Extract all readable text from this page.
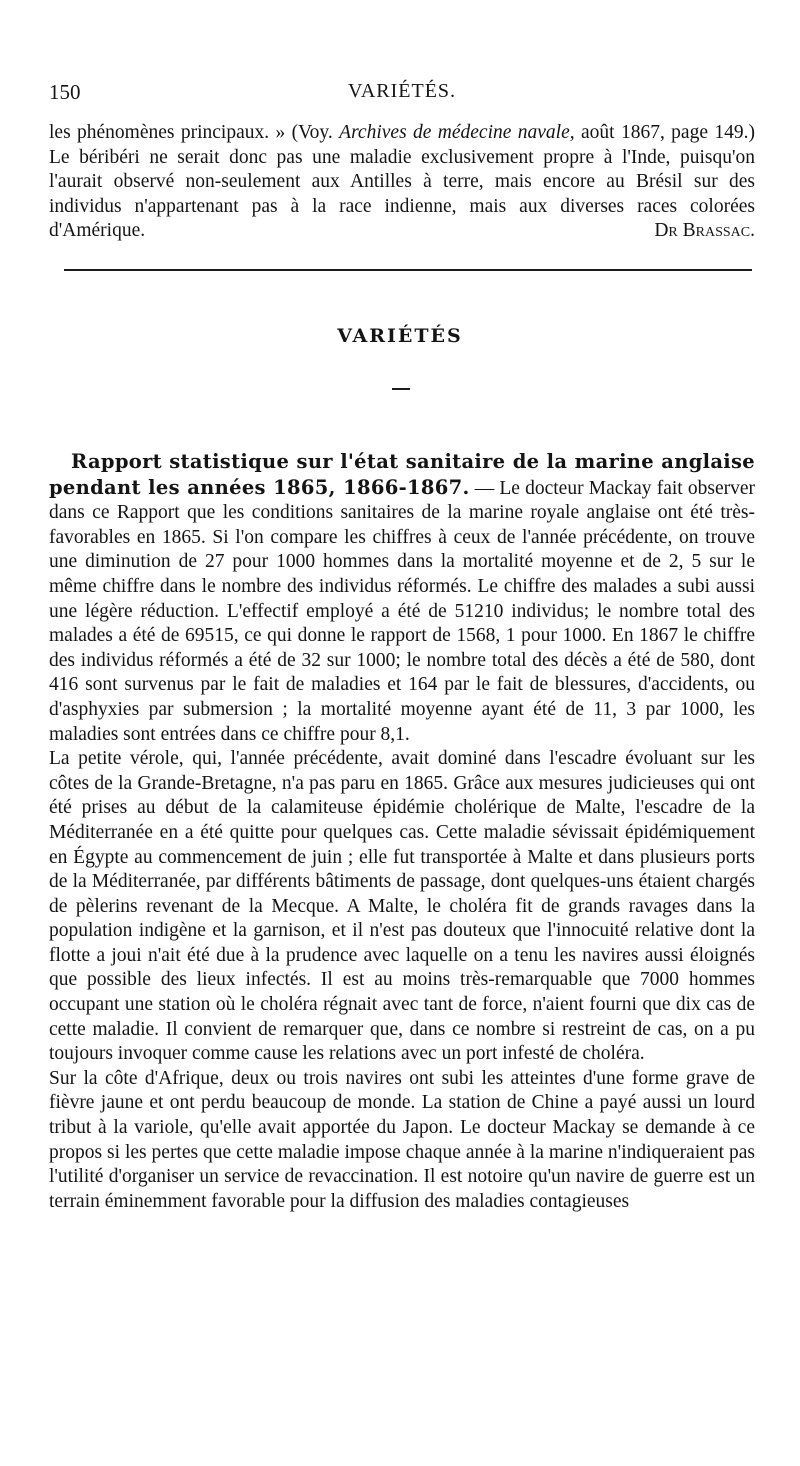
150	VARIÉTÉS.

les phénomènes principaux. » (Voy. Archives de médecine navale, août 1867, page 149.) Le béribéri ne serait donc pas une maladie exclusivement propre à l'Inde, puisqu'on l'aurait observé non-seulement aux Antilles à terre, mais encore au Brésil sur des individus n'appartenant pas à la race indienne, mais aux diverses races colorées d'Amérique.	Dr Brassac.

VARIÉTÉS

Rapport statistique sur l'état sanitaire de la marine anglaise pendant les années 1865, 1866-1867. — Le docteur Mackay fait observer dans ce Rapport que les conditions sanitaires de la marine royale anglaise ont été très-favorables en 1865. Si l'on compare les chiffres à ceux de l'année précédente, on trouve une diminution de 27 pour 1000 hommes dans la mortalité moyenne et de 2, 5 sur le même chiffre dans le nombre des individus réformés. Le chiffre des malades a subi aussi une légère réduction. L'effectif employé a été de 51210 individus; le nombre total des malades a été de 69515, ce qui donne le rapport de 1568, 1 pour 1000. En 1867 le chiffre des individus réformés a été de 32 sur 1000; le nombre total des décès a été de 580, dont 416 sont survenus par le fait de maladies et 164 par le fait de blessures, d'accidents, ou d'asphyxies par submersion ; la mortalité moyenne ayant été de 11, 3 par 1000, les maladies sont entrées dans ce chiffre pour 8,1.

La petite vérole, qui, l'année précédente, avait dominé dans l'escadre évoluant sur les côtes de la Grande-Bretagne, n'a pas paru en 1865. Grâce aux mesures judicieuses qui ont été prises au début de la calamiteuse épidémie cholérique de Malte, l'escadre de la Méditerranée en a été quitte pour quelques cas. Cette maladie sévissait épidémiquement en Égypte au commencement de juin ; elle fut transportée à Malte et dans plusieurs ports de la Méditerranée, par différents bâtiments de passage, dont quelques-uns étaient chargés de pèlerins revenant de la Mecque. A Malte, le choléra fit de grands ravages dans la population indigène et la garnison, et il n'est pas douteux que l'innocuité relative dont la flotte a joui n'ait été due à la prudence avec laquelle on a tenu les navires aussi éloignés que possible des lieux infectés. Il est au moins très-remarquable que 7000 hommes occupant une station où le choléra régnait avec tant de force, n'aient fourni que dix cas de cette maladie. Il convient de remarquer que, dans ce nombre si restreint de cas, on a pu toujours invoquer comme cause les relations avec un port infesté de choléra.

Sur la côte d'Afrique, deux ou trois navires ont subi les atteintes d'une forme grave de fièvre jaune et ont perdu beaucoup de monde. La station de Chine a payé aussi un lourd tribut à la variole, qu'elle avait apportée du Japon. Le docteur Mackay se demande à ce propos si les pertes que cette maladie impose chaque année à la marine n'indiqueraient pas l'utilité d'organiser un service de revaccination. Il est notoire qu'un navire de guerre est un terrain éminemment favorable pour la diffusion des maladies contagieuses
